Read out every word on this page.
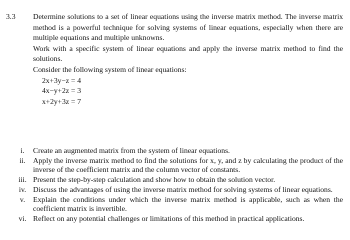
3.3 Determine solutions to a set of linear equations using the inverse matrix method. The inverse matrix method is a powerful technique for solving systems of linear equations, especially when there are multiple equations and multiple unknowns.

Work with a specific system of linear equations and apply the inverse matrix method to find the solutions.

Consider the following system of linear equations:

2x+3y−z = 4

4x−y+2z = 3

x+2y+3z = 7

i.	Create an augmented matrix from the system of linear equations.
ii. Apply the inverse matrix method to find the solutions for x, y, and z by calculating the product of the inverse of the coefficient matrix and the column vector of constants.
iii. Present the step-by-step calculation and show how to obtain the solution vector.
iv. Discuss the advantages of using the inverse matrix method for solving systems of linear equations.
v.	Explain the conditions under which the inverse matrix method is applicable, such as when the coefficient matrix is invertible.
vi. Reflect on any potential challenges or limitations of this method in practical applications.
